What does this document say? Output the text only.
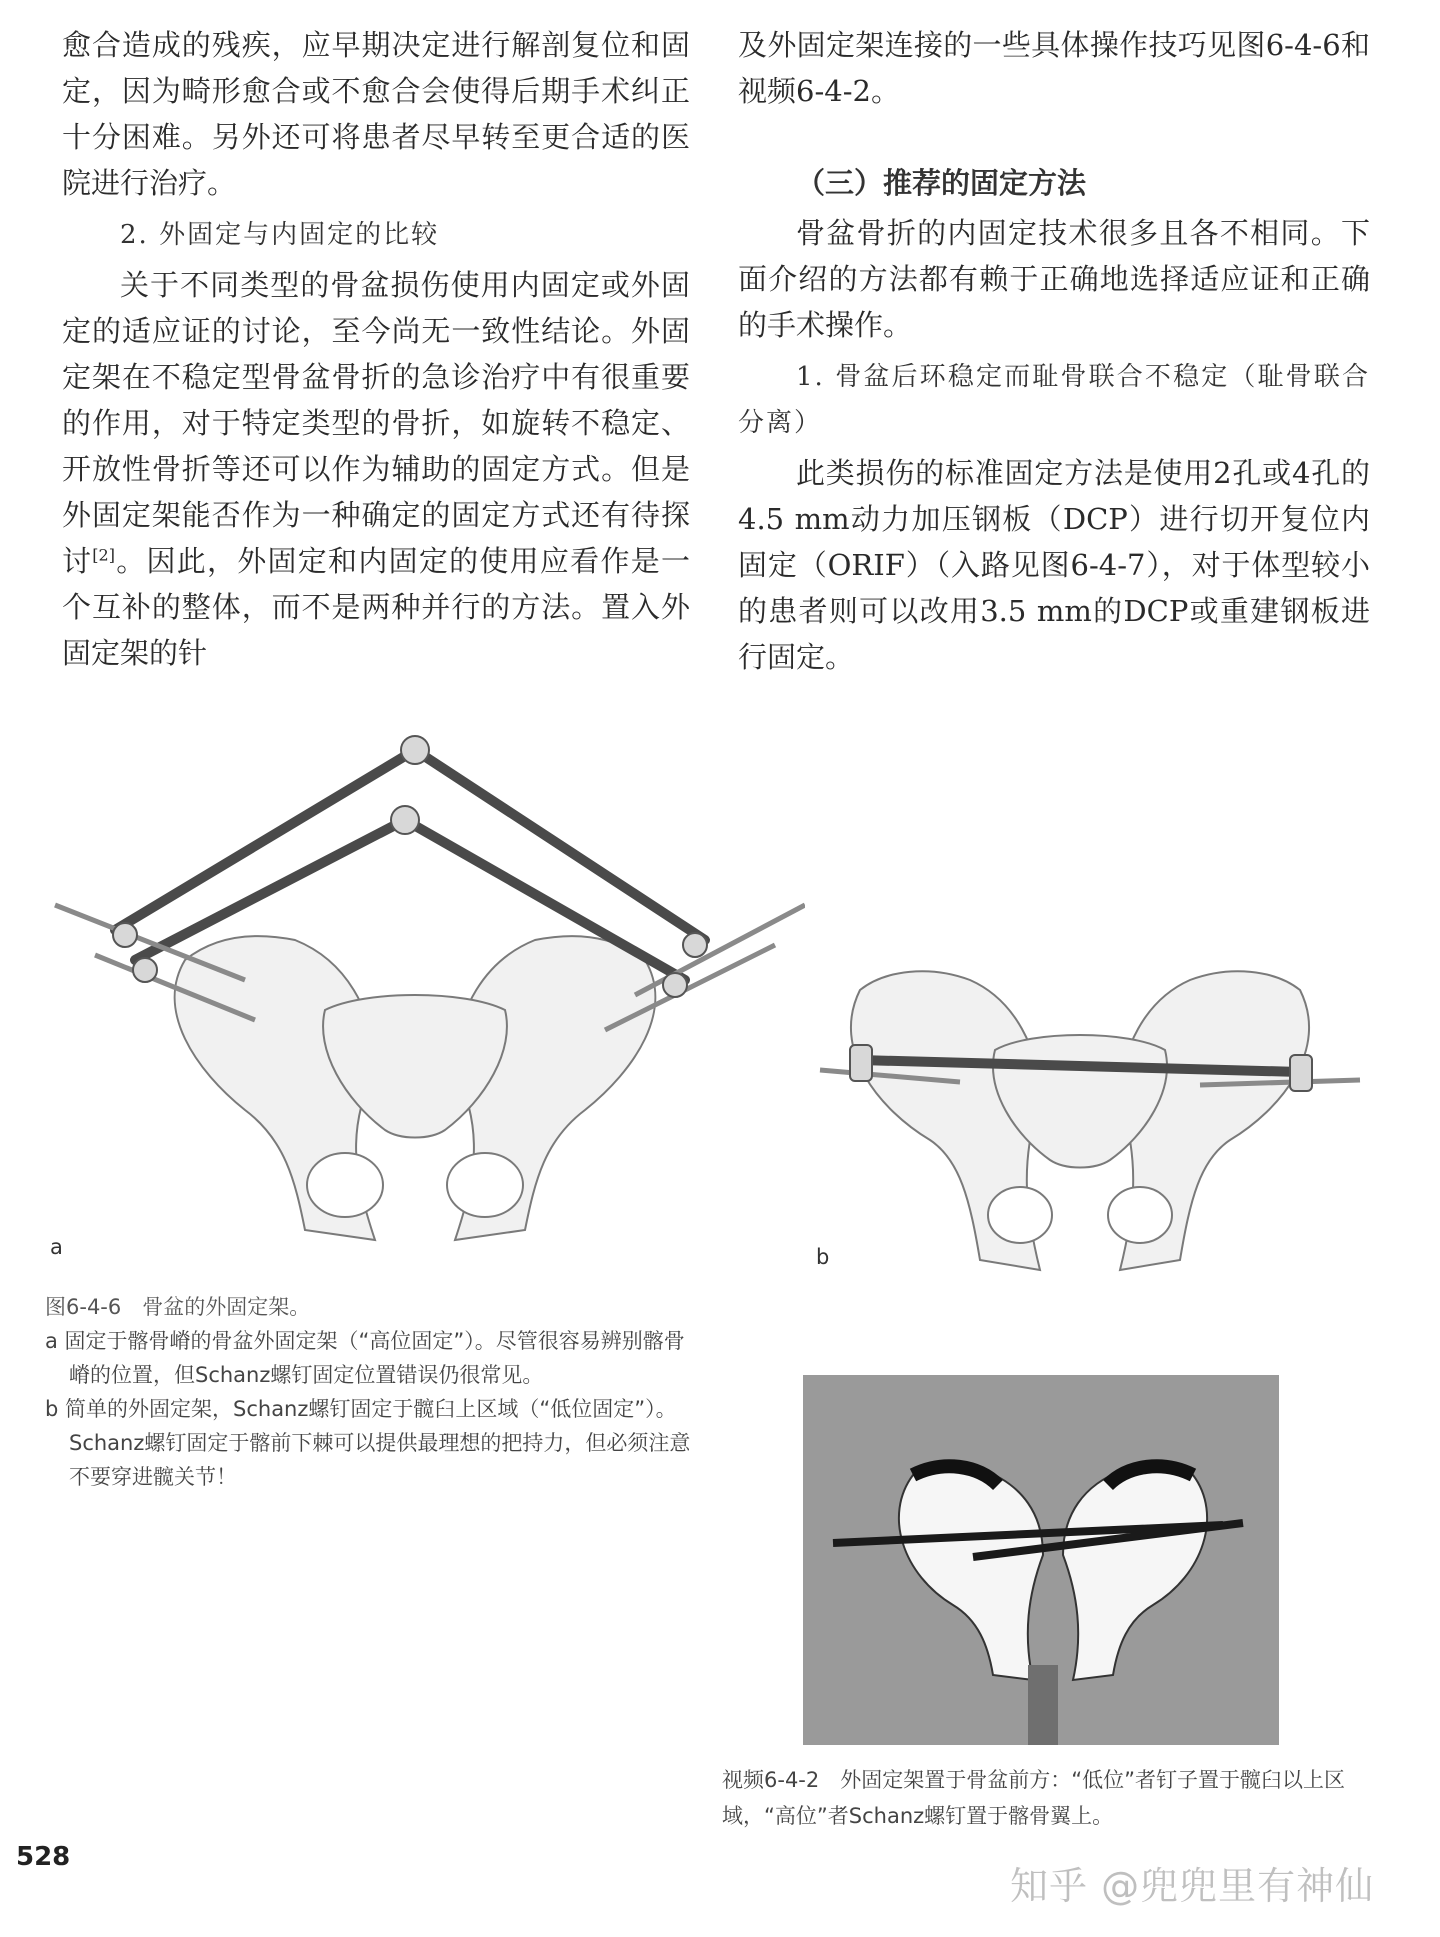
愈合造成的残疾，应早期决定进行解剖复位和固定，因为畸形愈合或不愈合会使得后期手术纠正十分困难。另外还可将患者尽早转至更合适的医院进行治疗。

2. 外固定与内固定的比较

关于不同类型的骨盆损伤使用内固定或外固定的适应证的讨论，至今尚无一致性结论。外固定架在不稳定型骨盆骨折的急诊治疗中有很重要的作用，对于特定类型的骨折，如旋转不稳定、开放性骨折等还可以作为辅助的固定方式。但是外固定架能否作为一种确定的固定方式还有待探讨[2]。因此，外固定和内固定的使用应看作是一个互补的整体，而不是两种并行的方法。置入外固定架的针

及外固定架连接的一些具体操作技巧见图6-4-6和视频6-4-2。

（三）推荐的固定方法

骨盆骨折的内固定技术很多且各不相同。下面介绍的方法都有赖于正确地选择适应证和正确的手术操作。

1. 骨盆后环稳定而耻骨联合不稳定（耻骨联合分离）

此类损伤的标准固定方法是使用2孔或4孔的4.5 mm动力加压钢板（DCP）进行切开复位内固定（ORIF）（入路见图6-4-7），对于体型较小的患者则可以改用3.5 mm的DCP或重建钢板进行固定。

a	b

图6-4-6　骨盆的外固定架。

a 固定于髂骨嵴的骨盆外固定架（“高位固定”）。尽管很容易辨别髂骨嵴的位置，但Schanz螺钉固定位置错误仍很常见。

b 简单的外固定架，Schanz螺钉固定于髋臼上区域（“低位固定”）。Schanz螺钉固定于髂前下棘可以提供最理想的把持力，但必须注意不要穿进髋关节！

视频6-4-2　外固定架置于骨盆前方：“低位”者钉子置于髋臼以上区域，“高位”者Schanz螺钉置于髂骨翼上。

528
知乎 @兜兜里有神仙
